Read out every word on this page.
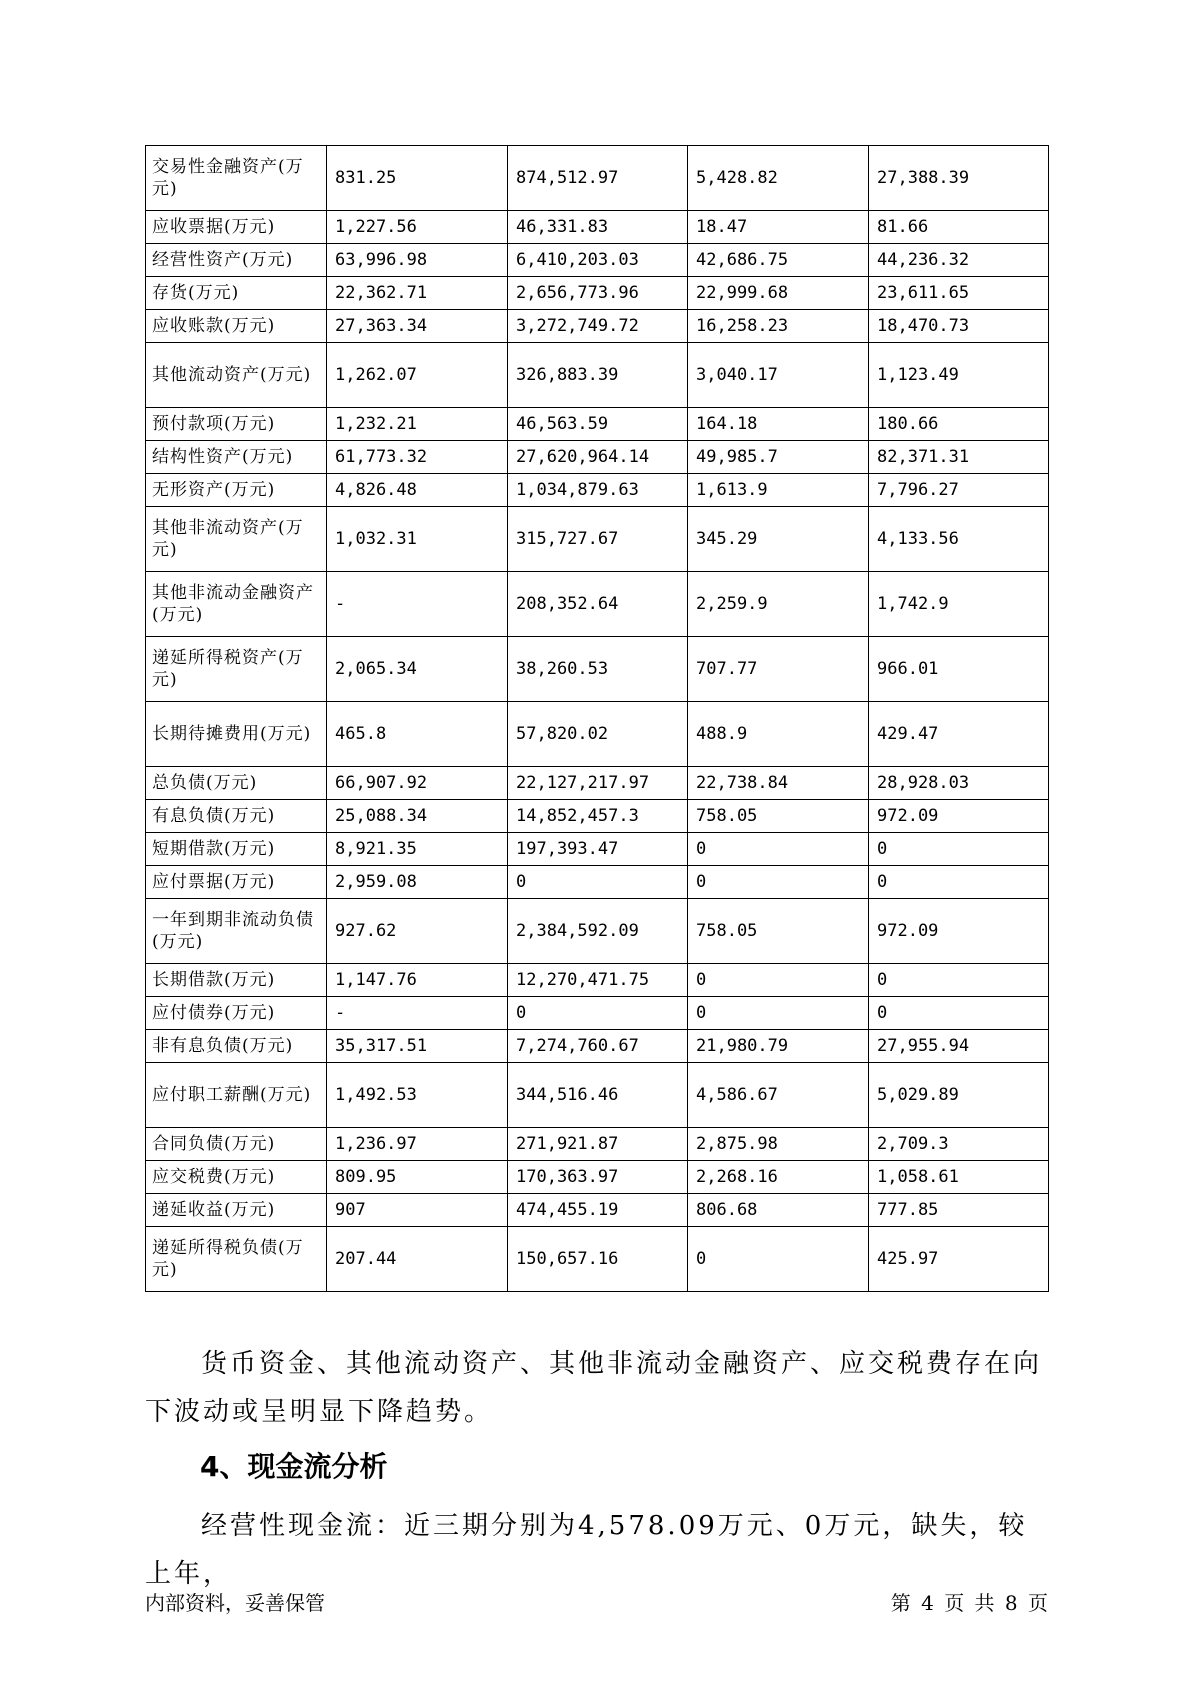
交易性金融资产(万元)	831.25	874,512.97	5,428.82	27,388.39
应收票据(万元)	1,227.56	46,331.83	18.47	81.66
经营性资产(万元)	63,996.98	6,410,203.03	42,686.75	44,236.32
存货(万元)	22,362.71	2,656,773.96	22,999.68	23,611.65
应收账款(万元)	27,363.34	3,272,749.72	16,258.23	18,470.73
其他流动资产(万元)	1,262.07	326,883.39	3,040.17	1,123.49
预付款项(万元)	1,232.21	46,563.59	164.18	180.66
结构性资产(万元)	61,773.32	27,620,964.14	49,985.7	82,371.31
无形资产(万元)	4,826.48	1,034,879.63	1,613.9	7,796.27
其他非流动资产(万元)	1,032.31	315,727.67	345.29	4,133.56
其他非流动金融资产(万元)	-	208,352.64	2,259.9	1,742.9
递延所得税资产(万元)	2,065.34	38,260.53	707.77	966.01
长期待摊费用(万元)	465.8	57,820.02	488.9	429.47
总负债(万元)	66,907.92	22,127,217.97	22,738.84	28,928.03
有息负债(万元)	25,088.34	14,852,457.3	758.05	972.09
短期借款(万元)	8,921.35	197,393.47	0	0
应付票据(万元)	2,959.08	0	0	0
一年到期非流动负债(万元)	927.62	2,384,592.09	758.05	972.09
长期借款(万元)	1,147.76	12,270,471.75	0	0
应付债券(万元)	-	0	0	0
非有息负债(万元)	35,317.51	7,274,760.67	21,980.79	27,955.94
应付职工薪酬(万元)	1,492.53	344,516.46	4,586.67	5,029.89
合同负债(万元)	1,236.97	271,921.87	2,875.98	2,709.3
应交税费(万元)	809.95	170,363.97	2,268.16	1,058.61
递延收益(万元)	907	474,455.19	806.68	777.85
递延所得税负债(万元)	207.44	150,657.16	0	425.97

货币资金、其他流动资产、其他非流动金融资产、应交税费存在向下波动或呈明显下降趋势。

4、现金流分析

经营性现金流：近三期分别为4,578.09万元、0万元，缺失，较上年，

内部资料，妥善保管	第 4 页 共 8 页
